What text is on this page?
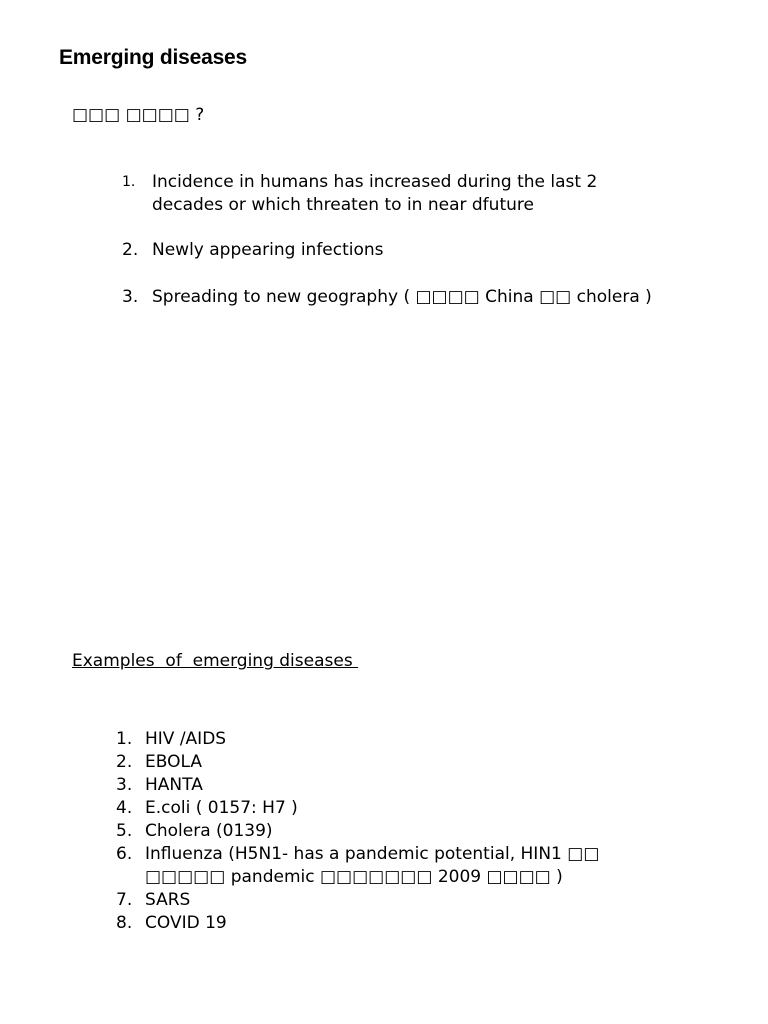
Emerging diseases
□□□ □□□□ ?
1. Incidence in humans has increased during the last 2 decades or which threaten to in near dfuture
2. Newly appearing infections
3. Spreading to new geography ( □□□□ China □□ cholera )
Examples  of  emerging diseases
1. HIV /AIDS
2. EBOLA
3. HANTA
4. E.coli ( 0157: H7 )
5. Cholera (0139)
6. Influenza (H5N1- has a pandemic potential, HIN1 □□ □□□□□ pandemic □□□□□□□ 2009 □□□□ )
7. SARS
8. COVID 19
